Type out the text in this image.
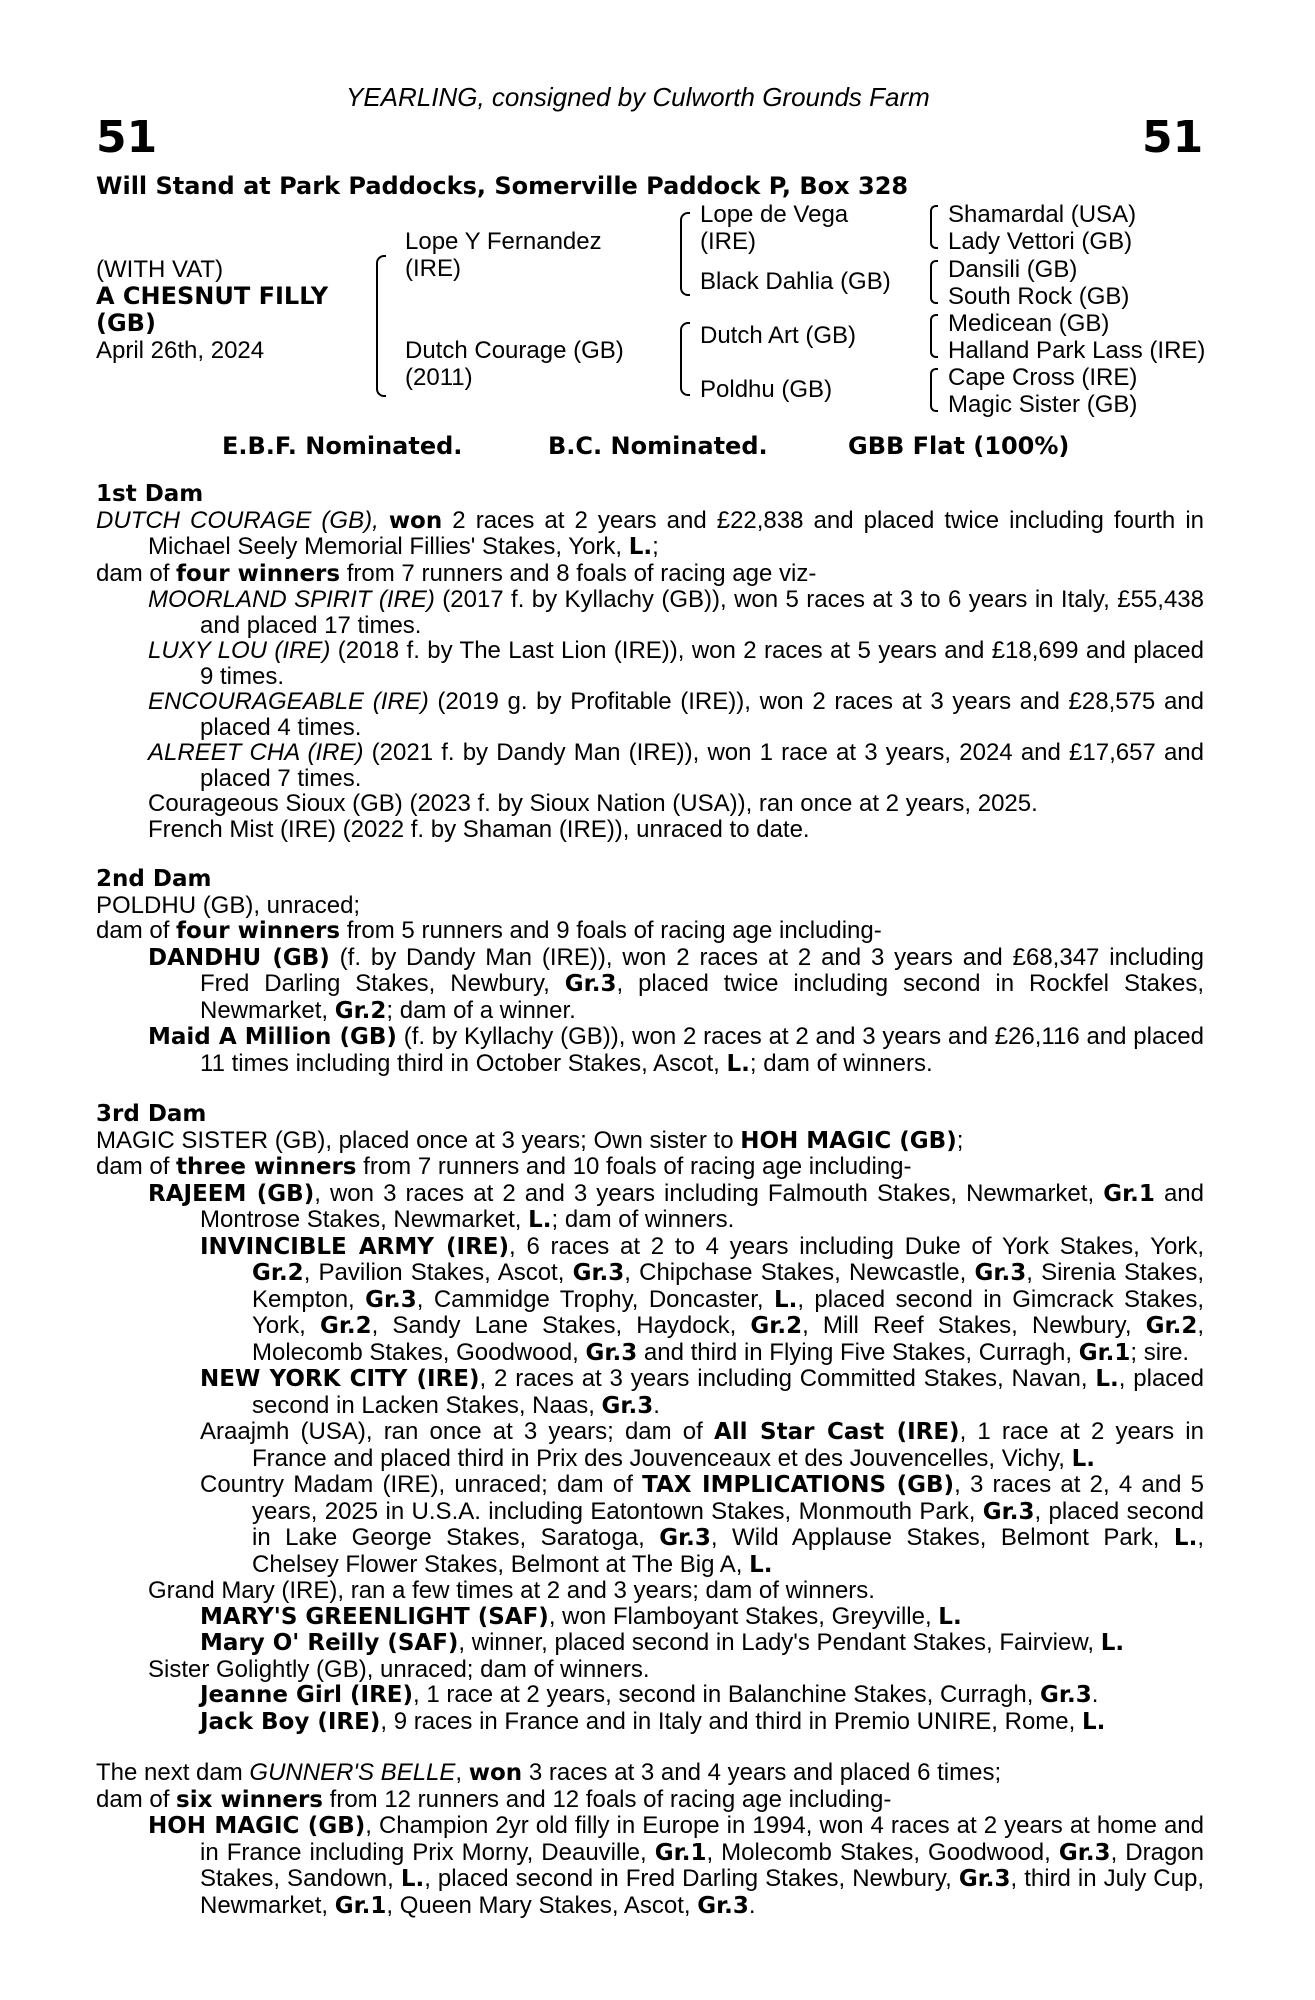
YEARLING, consigned by Culworth Grounds Farm
51	51
Will Stand at Park Paddocks, Somerville Paddock P, Box 328
(WITH VAT)
A CHESNUT FILLY
(GB)
April 26th, 2024
Lope Y Fernandez
(IRE)
Dutch Courage (GB)
(2011)
Lope de Vega
(IRE)
Black Dahlia (GB)
Dutch Art (GB)
Poldhu (GB)
Shamardal (USA)
Lady Vettori (GB)
Dansili (GB)
South Rock (GB)
Medicean (GB)
Halland Park Lass (IRE)
Cape Cross (IRE)
Magic Sister (GB)
E.B.F. Nominated.	B.C. Nominated.	GBB Flat (100%)

1st Dam

DUTCH COURAGE (GB), won 2 races at 2 years and £22,838 and placed twice including fourth in Michael Seely Memorial Fillies' Stakes, York, L.;

dam of four winners from 7 runners and 8 foals of racing age viz-

MOORLAND SPIRIT (IRE) (2017 f. by Kyllachy (GB)), won 5 races at 3 to 6 years in Italy, £55,438 and placed 17 times.

LUXY LOU (IRE) (2018 f. by The Last Lion (IRE)), won 2 races at 5 years and £18,699 and placed 9 times.

ENCOURAGEABLE (IRE) (2019 g. by Profitable (IRE)), won 2 races at 3 years and £28,575 and placed 4 times.

ALREET CHA (IRE) (2021 f. by Dandy Man (IRE)), won 1 race at 3 years, 2024 and £17,657 and placed 7 times.

Courageous Sioux (GB) (2023 f. by Sioux Nation (USA)), ran once at 2 years, 2025.

French Mist (IRE) (2022 f. by Shaman (IRE)), unraced to date.

2nd Dam

POLDHU (GB), unraced;

dam of four winners from 5 runners and 9 foals of racing age including-

DANDHU (GB) (f. by Dandy Man (IRE)), won 2 races at 2 and 3 years and £68,347 including Fred Darling Stakes, Newbury, Gr.3, placed twice including second in Rockfel Stakes, Newmarket, Gr.2; dam of a winner.

Maid A Million (GB) (f. by Kyllachy (GB)), won 2 races at 2 and 3 years and £26,116 and placed 11 times including third in October Stakes, Ascot, L.; dam of winners.

3rd Dam

MAGIC SISTER (GB), placed once at 3 years; Own sister to HOH MAGIC (GB);

dam of three winners from 7 runners and 10 foals of racing age including-

RAJEEM (GB), won 3 races at 2 and 3 years including Falmouth Stakes, Newmarket, Gr.1 and Montrose Stakes, Newmarket, L.; dam of winners.

INVINCIBLE ARMY (IRE), 6 races at 2 to 4 years including Duke of York Stakes, York, Gr.2, Pavilion Stakes, Ascot, Gr.3, Chipchase Stakes, Newcastle, Gr.3, Sirenia Stakes, Kempton, Gr.3, Cammidge Trophy, Doncaster, L., placed second in Gimcrack Stakes, York, Gr.2, Sandy Lane Stakes, Haydock, Gr.2, Mill Reef Stakes, Newbury, Gr.2, Molecomb Stakes, Goodwood, Gr.3 and third in Flying Five Stakes, Curragh, Gr.1; sire.

NEW YORK CITY (IRE), 2 races at 3 years including Committed Stakes, Navan, L., placed second in Lacken Stakes, Naas, Gr.3.

Araajmh (USA), ran once at 3 years; dam of All Star Cast (IRE), 1 race at 2 years in France and placed third in Prix des Jouvenceaux et des Jouvencelles, Vichy, L.

Country Madam (IRE), unraced; dam of TAX IMPLICATIONS (GB), 3 races at 2, 4 and 5 years, 2025 in U.S.A. including Eatontown Stakes, Monmouth Park, Gr.3, placed second in Lake George Stakes, Saratoga, Gr.3, Wild Applause Stakes, Belmont Park, L., Chelsey Flower Stakes, Belmont at The Big A, L.

Grand Mary (IRE), ran a few times at 2 and 3 years; dam of winners.

MARY'S GREENLIGHT (SAF), won Flamboyant Stakes, Greyville, L.

Mary O' Reilly (SAF), winner, placed second in Lady's Pendant Stakes, Fairview, L.

Sister Golightly (GB), unraced; dam of winners.

Jeanne Girl (IRE), 1 race at 2 years, second in Balanchine Stakes, Curragh, Gr.3.

Jack Boy (IRE), 9 races in France and in Italy and third in Premio UNIRE, Rome, L.

The next dam GUNNER'S BELLE, won 3 races at 3 and 4 years and placed 6 times;

dam of six winners from 12 runners and 12 foals of racing age including-

HOH MAGIC (GB), Champion 2yr old filly in Europe in 1994, won 4 races at 2 years at home and in France including Prix Morny, Deauville, Gr.1, Molecomb Stakes, Goodwood, Gr.3, Dragon Stakes, Sandown, L., placed second in Fred Darling Stakes, Newbury, Gr.3, third in July Cup, Newmarket, Gr.1, Queen Mary Stakes, Ascot, Gr.3.
